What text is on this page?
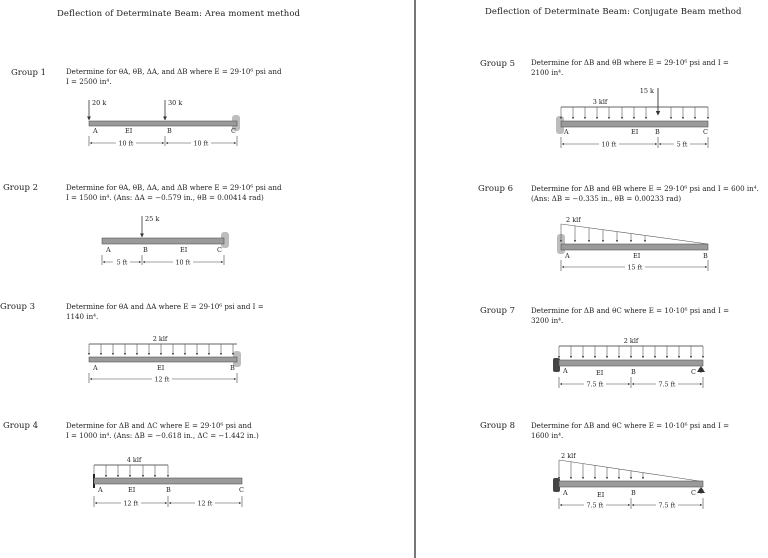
Deflection of Determinate Beam: Area moment method
Group 1	Determine for θA, θB, ΔA, and ΔB where E = 29·10⁶ psi and
I = 2500 in⁴.
20 k	30 k
A	EI	B	C
10 ft	10 ft
Group 2	Determine for θA, θB, ΔA, and ΔB where E = 29·10⁶ psi and
I = 1500 in⁴. (Ans: ΔA = −0.579 in., θB = 0.00414 rad)
25 k
A	B	EI	C
5 ft	10 ft
Group 3	Determine for θA and ΔA where E = 29·10⁶ psi and I =
1140 in⁴.
2 klf
A	EI	B
12 ft
Group 4	Determine for ΔB and ΔC where E = 29·10⁶ psi and
I = 1000 in⁴. (Ans: ΔB = −0.618 in., ΔC = −1.442 in.)
4 klf
A	EI	B	C
12 ft	12 ft
Deflection of Determinate Beam: Conjugate Beam method
Group 5 Determine for ΔB and θB where E = 29·10⁶ psi and I =
2100 in⁴.
15 k
3 klf
A	EI	B	C
10 ft	5 ft
Group 6	Determine for ΔB and θB where E = 29·10⁶ psi and I = 600 in⁴.
(Ans: ΔB = −0.335 in., θB = 0.00233 rad)
2 klf
A	EI	B
15 ft
Group 7 Determine for ΔB and θC where E = 10·10⁶ psi and I =
3200 in⁴.
2 klf
A	EI	B	C
7.5 ft	7.5 ft
Group 8 Determine for ΔB and θC where E = 10·10⁶ psi and I =
1600 in⁴.
2 klf
A	EI	B	C
7.5 ft	7.5 ft
